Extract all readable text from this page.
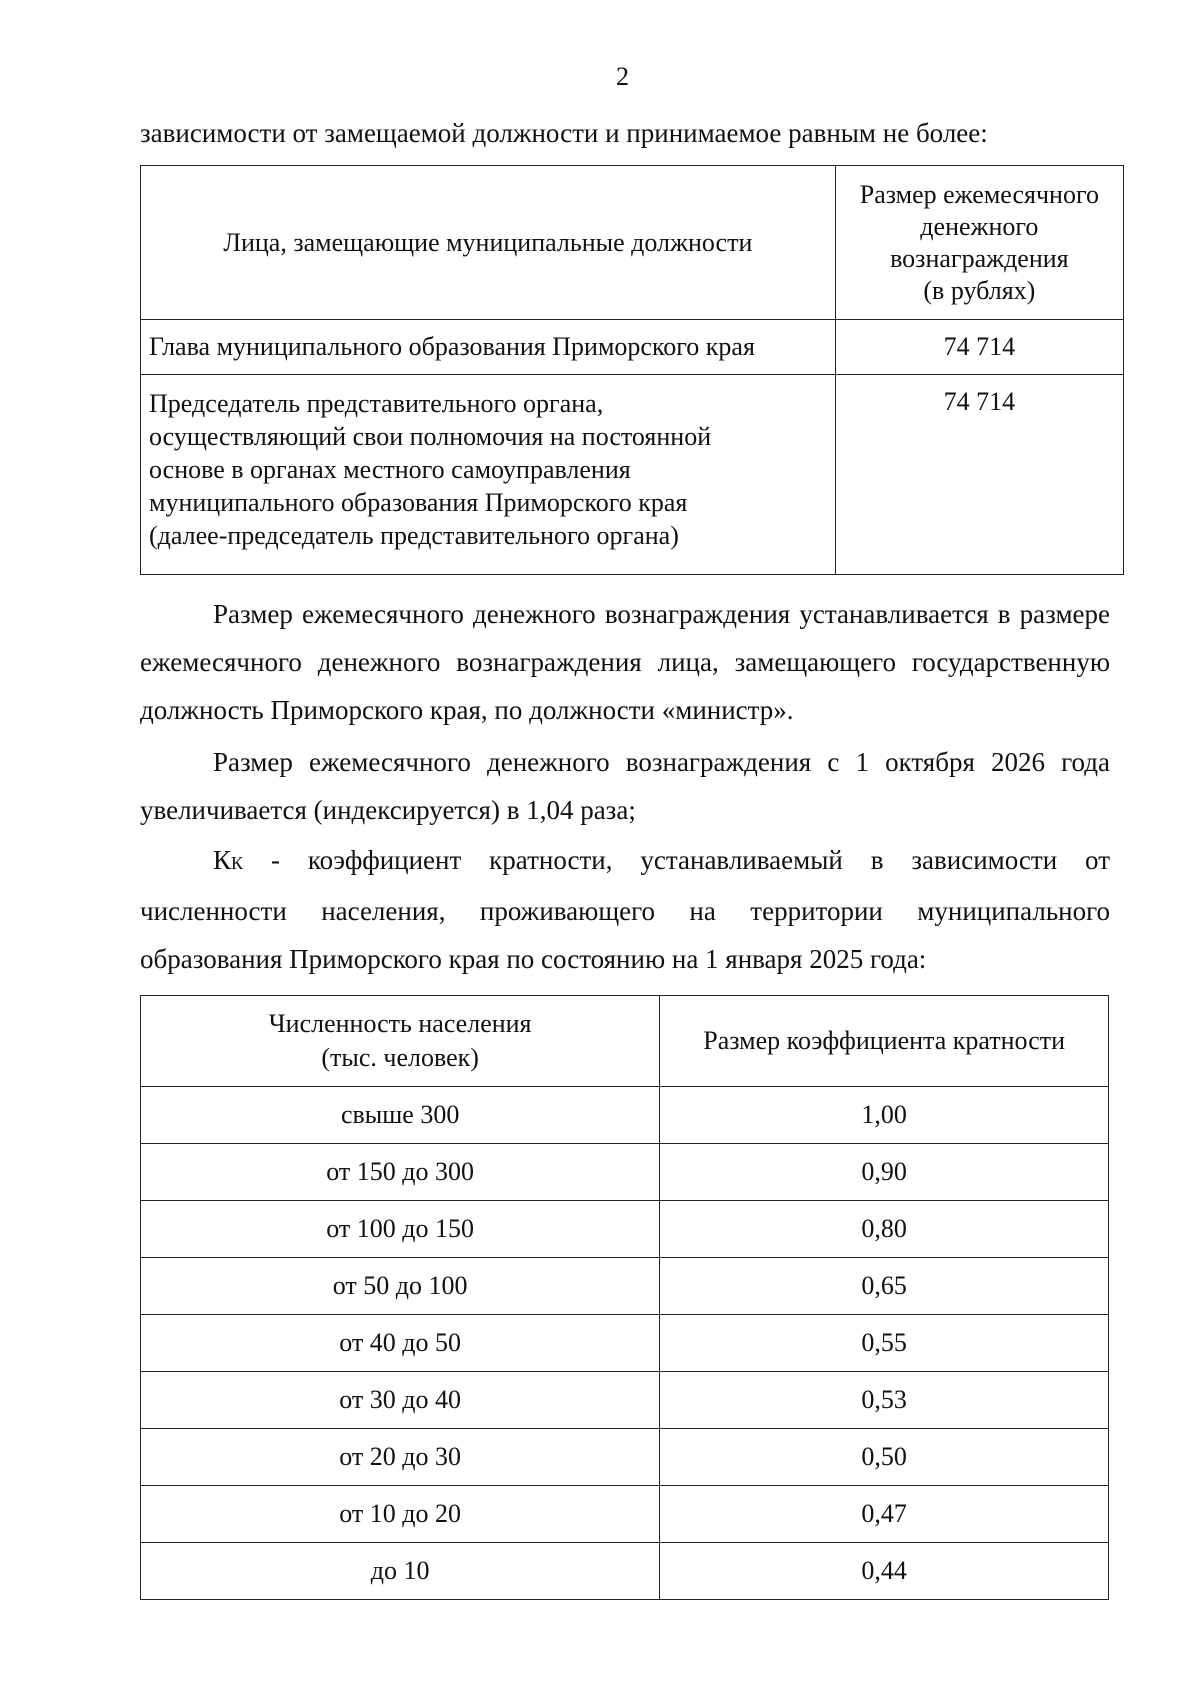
2
зависимости от замещаемой должности и принимаемое равным не более:
Лица, замещающие муниципальные должности	Размер ежемесячного
денежного
вознаграждения
(в рублях)

Глава муниципального образования Приморского края	74 714

Председатель представительного органа,
осуществляющий свои полномочия на постоянной
основе в органах местного самоуправления
муниципального образования Приморского края
(далее-председатель представительного органа)	74 714
Размер ежемесячного денежного вознаграждения устанавливается в размере ежемесячного денежного вознаграждения лица, замещающего государственную должность Приморского края, по должности «министр».
Размер ежемесячного денежного вознаграждения с 1 октября 2026 года увеличивается (индексируется) в 1,04 раза;
КК - коэффициент кратности, устанавливаемый в зависимости от численности населения, проживающего на территории муниципального образования Приморского края по состоянию на 1 января 2025 года:
Численность населения
(тыс. человек)	Размер коэффициента кратности
свыше 300	1,00
от 150 до 300	0,90
от 100 до 150	0,80
от 50 до 100	0,65
от 40 до 50	0,55
от 30 до 40	0,53
от 20 до 30	0,50
от 10 до 20	0,47
до 10	0,44
